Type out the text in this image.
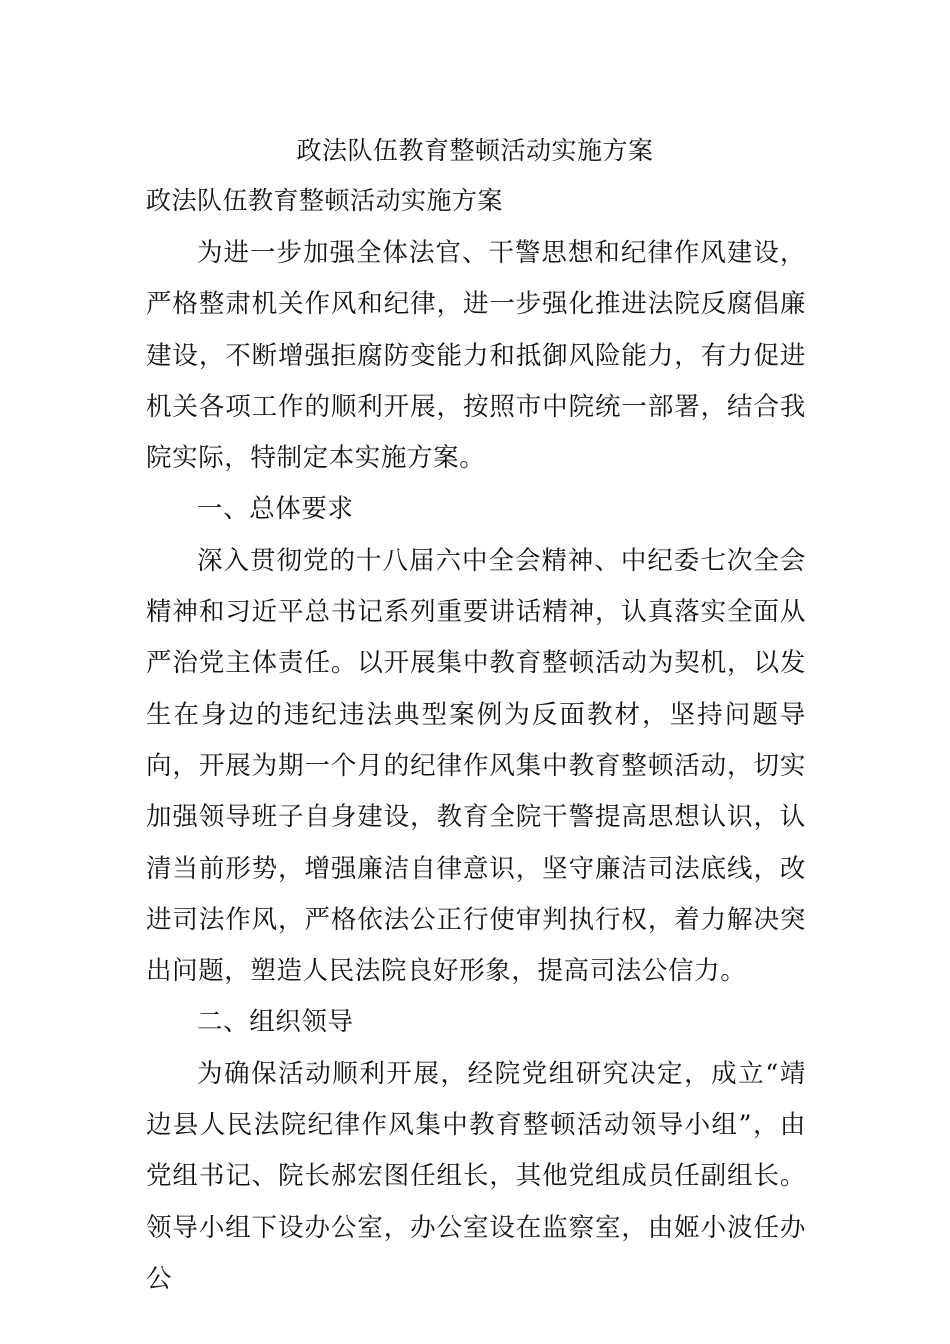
政法队伍教育整顿活动实施方案
政法队伍教育整顿活动实施方案

为进一步加强全体法官、干警思想和纪律作风建设，严格整肃机关作风和纪律，进一步强化推进法院反腐倡廉建设，不断增强拒腐防变能力和抵御风险能力，有力促进机关各项工作的顺利开展，按照市中院统一部署，结合我院实际，特制定本实施方案。

一、总体要求

深入贯彻党的十八届六中全会精神、中纪委七次全会精神和习近平总书记系列重要讲话精神，认真落实全面从严治党主体责任。以开展集中教育整顿活动为契机，以发生在身边的违纪违法典型案例为反面教材，坚持问题导向，开展为期一个月的纪律作风集中教育整顿活动，切实加强领导班子自身建设，教育全院干警提高思想认识，认清当前形势，增强廉洁自律意识，坚守廉洁司法底线，改进司法作风，严格依法公正行使审判执行权，着力解决突出问题，塑造人民法院良好形象，提高司法公信力。

二、组织领导

为确保活动顺利开展，经院党组研究决定，成立“靖边县人民法院纪律作风集中教育整顿活动领导小组”，由党组书记、院长郝宏图任组长，其他党组成员任副组长。领导小组下设办公室，办公室设在监察室，由姬小波任办公
